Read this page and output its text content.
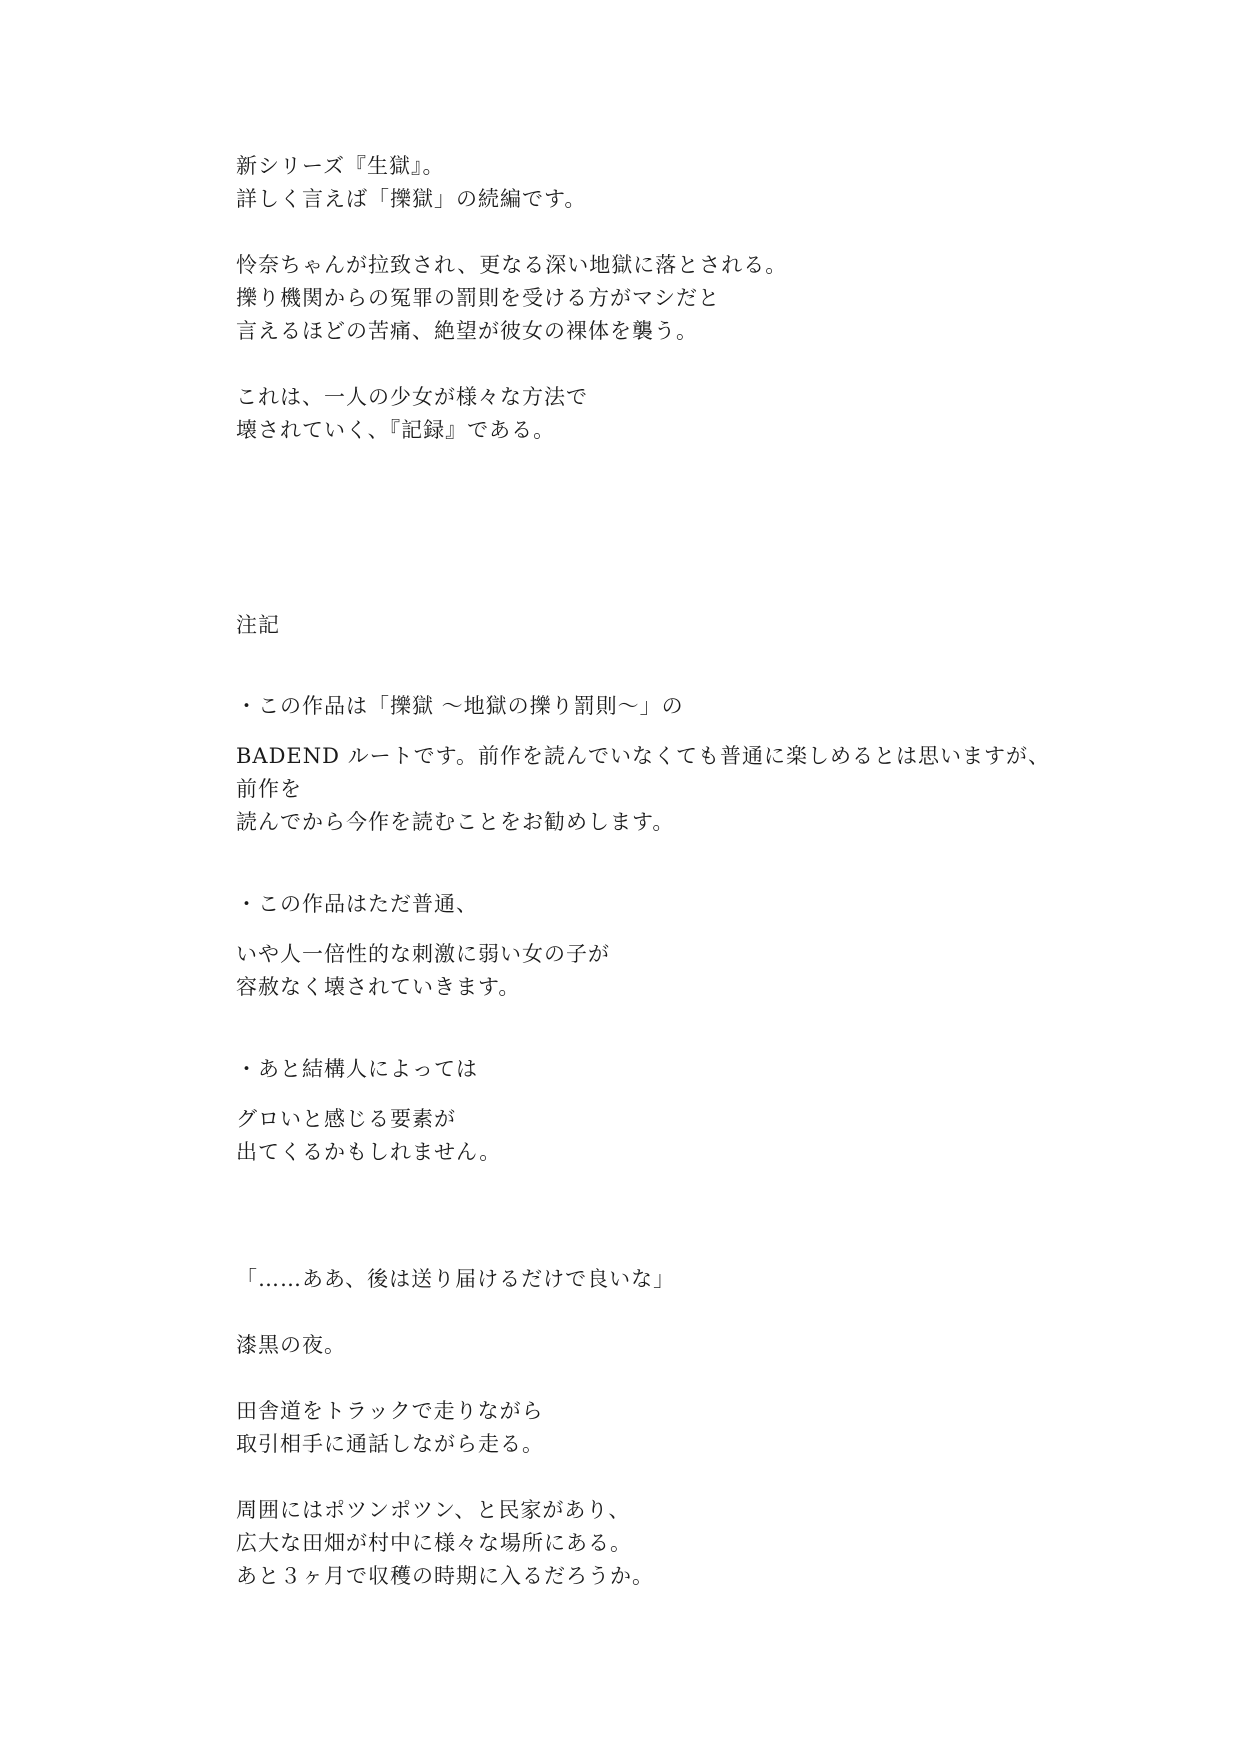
新シリーズ『生獄』。
詳しく言えば「擽獄」の続編です。
怜奈ちゃんが拉致され、更なる深い地獄に落とされる。
擽り機関からの冤罪の罰則を受ける方がマシだと
言えるほどの苦痛、絶望が彼女の裸体を襲う。
これは、一人の少女が様々な方法で
壊されていく、『記録』である。
注記
・この作品は「擽獄 〜地獄の擽り罰則〜」の
BADEND ルートです。前作を読んでいなくても普通に楽しめるとは思いますが、
前作を
読んでから今作を読むことをお勧めします。
・この作品はただ普通、
いや人一倍性的な刺激に弱い女の子が
容赦なく壊されていきます。
・あと結構人によっては
グロいと感じる要素が
出てくるかもしれません。
「……ああ、後は送り届けるだけで良いな」
漆黒の夜。
田舎道をトラックで走りながら
取引相手に通話しながら走る。
周囲にはポツンポツン、と民家があり、
広大な田畑が村中に様々な場所にある。
あと３ヶ月で収穫の時期に入るだろうか。
